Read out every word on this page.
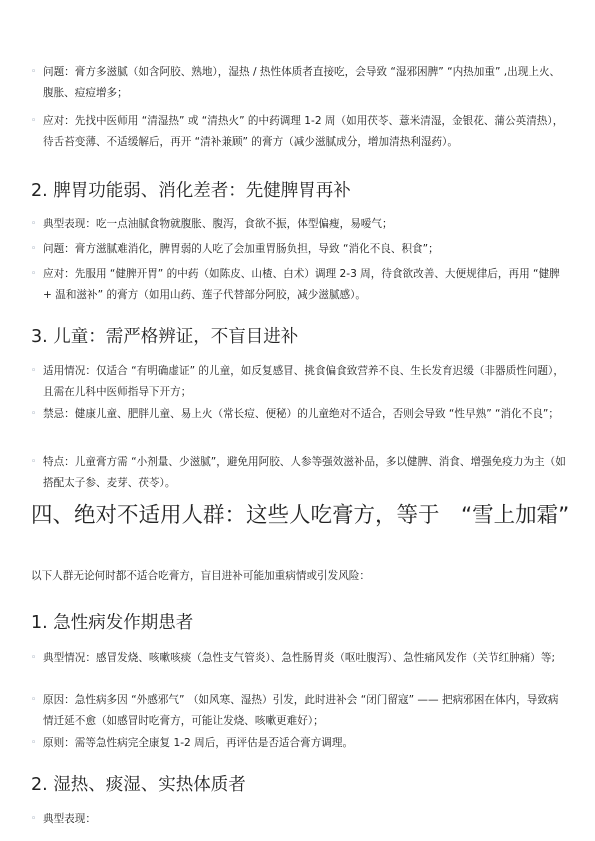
◦ 问题：膏方多滋腻（如含阿胶、熟地），湿热 / 热性体质者直接吃，会导致 “湿邪困脾” “内热加重” ,出现上火、腹胀、痘痘增多；
◦ 应对：先找中医师用 “清湿热” 或 “清热火” 的中药调理 1-2 周（如用茯苓、薏米清湿，金银花、蒲公英清热），待舌苔变薄、不适缓解后，再开 “清补兼顾” 的膏方（减少滋腻成分，增加清热利湿药）。
2. 脾胃功能弱、消化差者：先健脾胃再补
◦ 典型表现：吃一点油腻食物就腹胀、腹泻，食欲不振，体型偏瘦，易嗳气；
◦ 问题：膏方滋腻难消化，脾胃弱的人吃了会加重胃肠负担，导致 “消化不良、积食”；
◦ 应对：先服用 “健脾开胃” 的中药（如陈皮、山楂、白术）调理 2-3 周，待食欲改善、大便规律后，再用 “健脾 + 温和滋补” 的膏方（如用山药、莲子代替部分阿胶，减少滋腻感）。
3. 儿童：需严格辨证，不盲目进补
◦ 适用情况：仅适合 “有明确虚证” 的儿童，如反复感冒、挑食偏食致营养不良、生长发育迟缓（非器质性问题），且需在儿科中医师指导下开方；
◦ 禁忌：健康儿童、肥胖儿童、易上火（常长痘、便秘）的儿童绝对不适合，否则会导致 “性早熟” “消化不良”；
◦ 特点：儿童膏方需 “小剂量、少滋腻”，避免用阿胶、人参等强效滋补品，多以健脾、消食、增强免疫力为主（如搭配太子参、麦芽、茯苓）。
四、绝对不适用人群：这些人吃膏方，等于　“雪上加霜”
以下人群无论何时都不适合吃膏方，盲目进补可能加重病情或引发风险：
1. 急性病发作期患者
◦ 典型情况：感冒发烧、咳嗽咳痰（急性支气管炎）、急性肠胃炎（呕吐腹泻）、急性痛风发作（关节红肿痛）等;
◦ 原因：急性病多因 “外感邪气” （如风寒、湿热）引发，此时进补会 “闭门留寇” —— 把病邪困在体内，导致病情迁延不愈（如感冒时吃膏方，可能让发烧、咳嗽更难好）；
◦ 原则：需等急性病完全康复 1-2 周后，再评估是否适合膏方调理。
2. 湿热、痰湿、实热体质者
◦ 典型表现：
